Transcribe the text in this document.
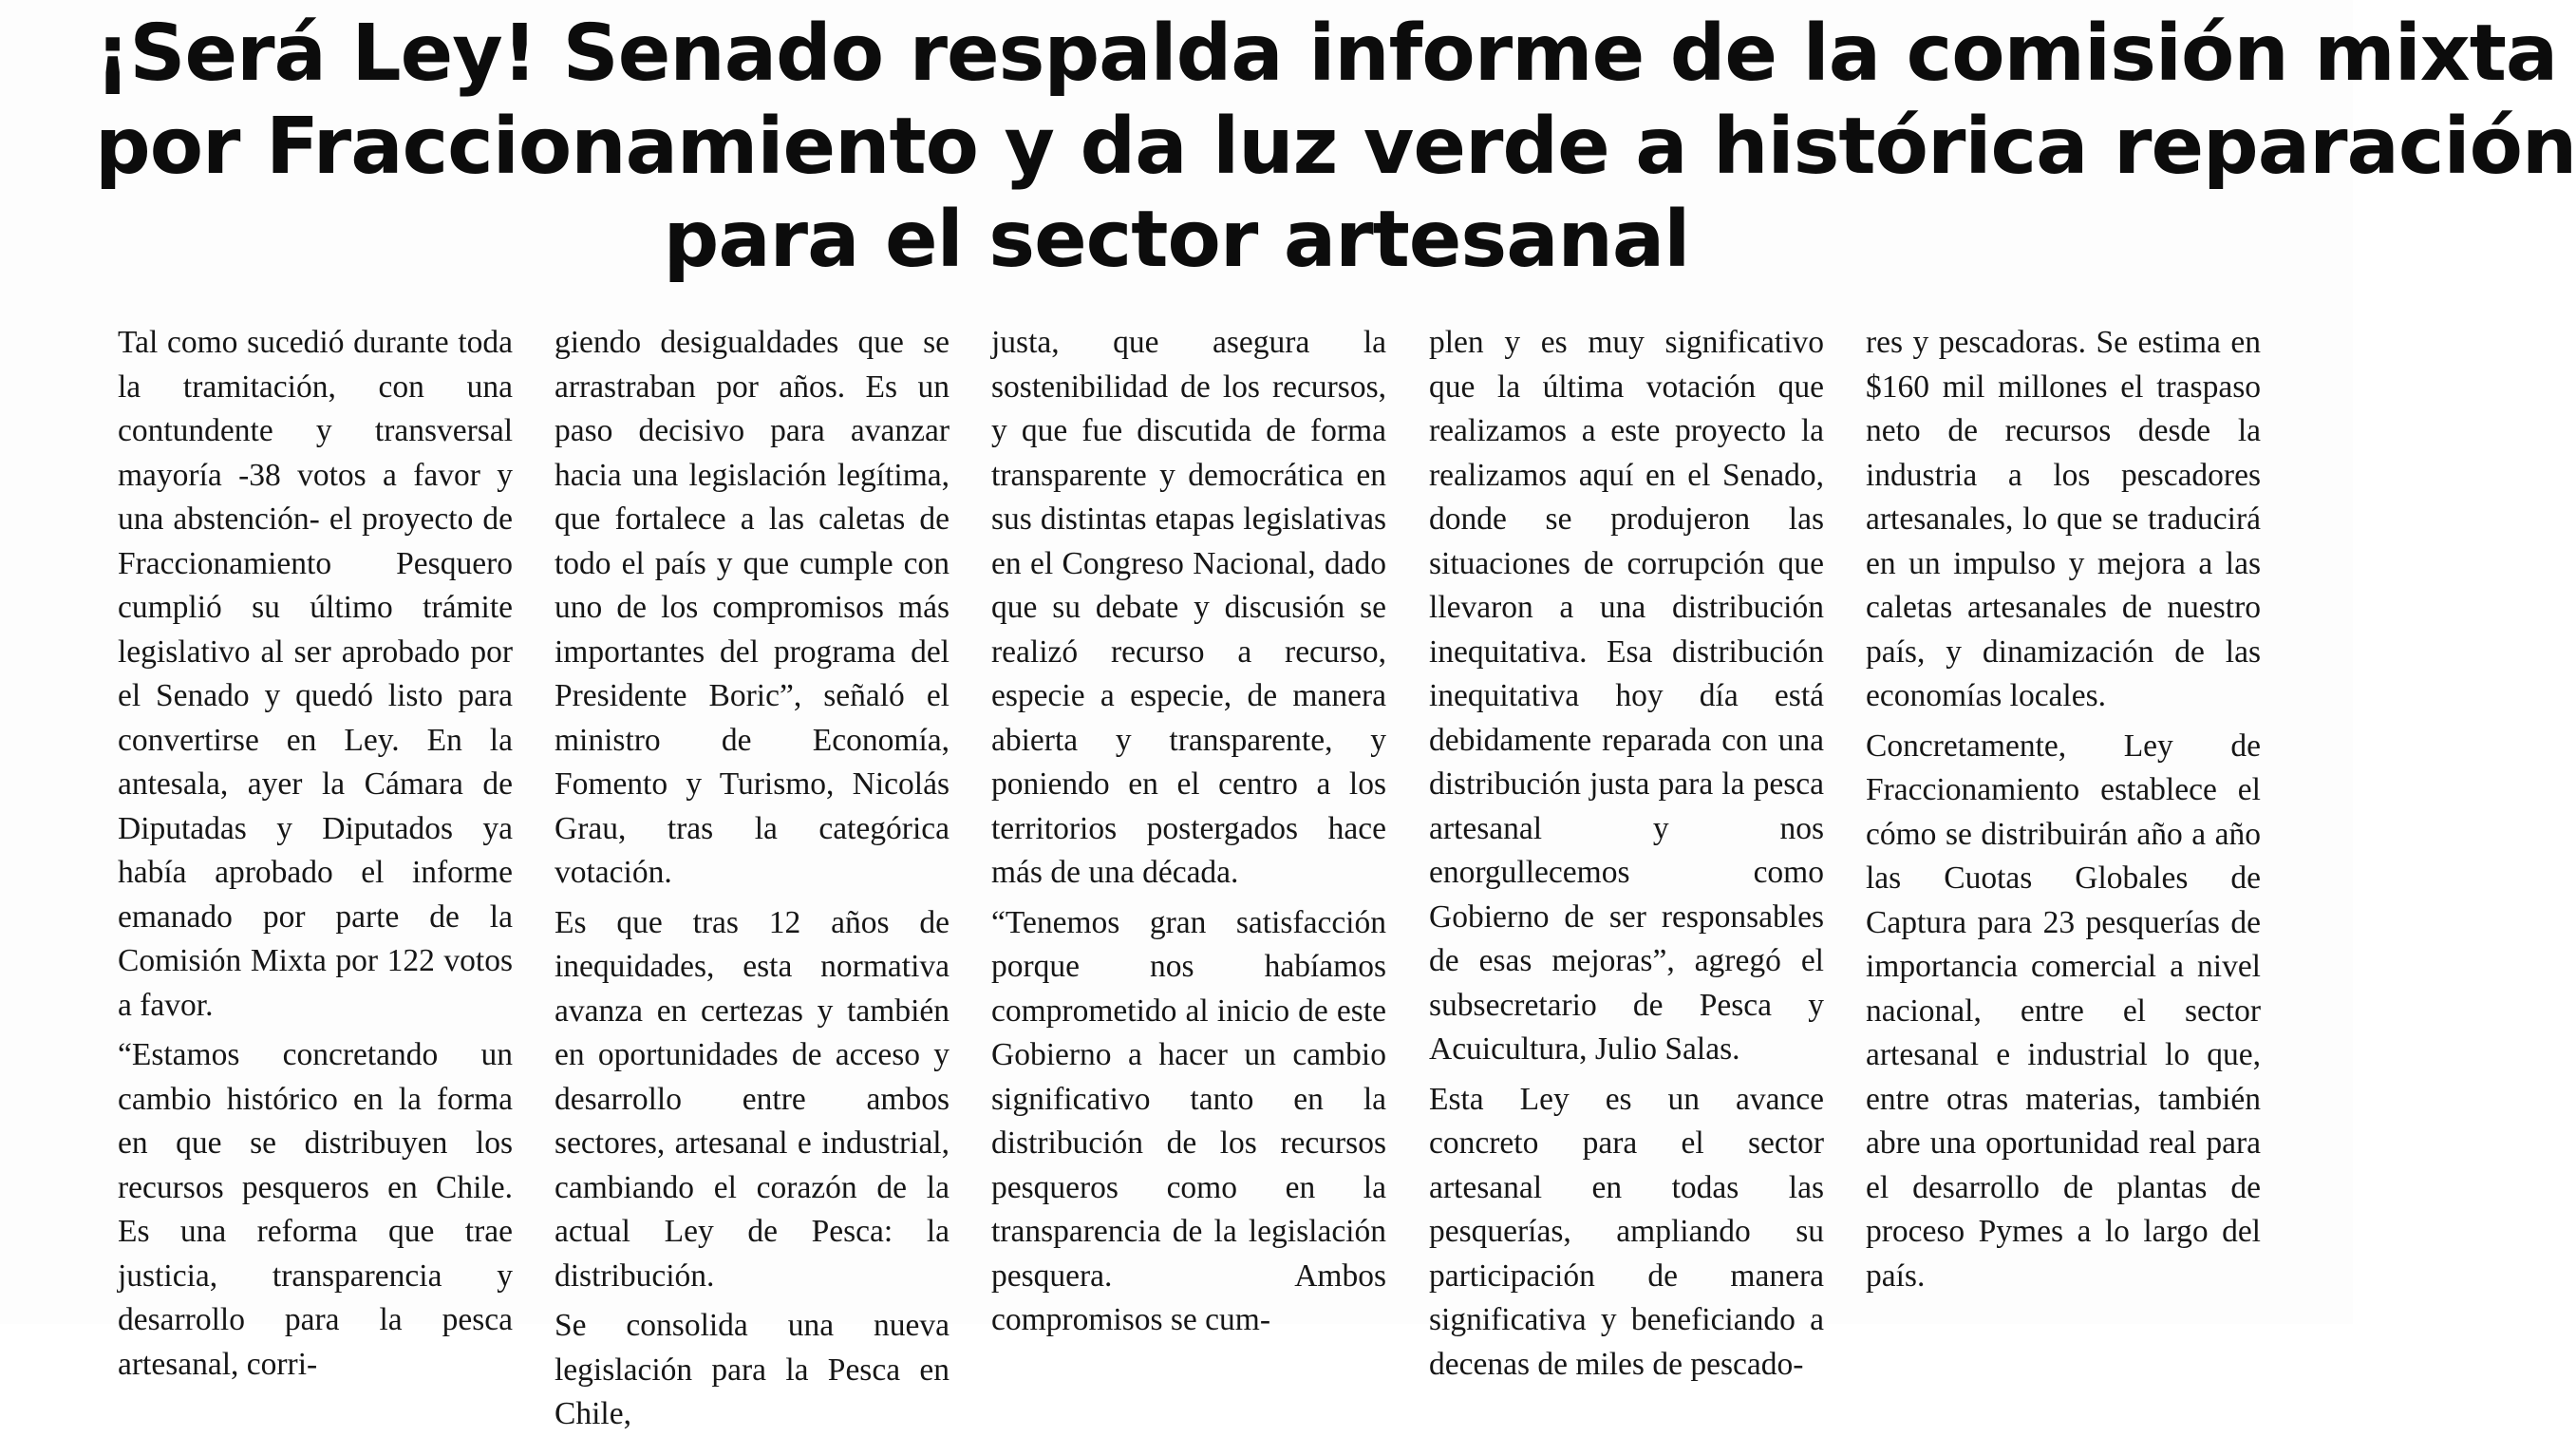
¡Será Ley! Senado respalda informe de la comisión mixta
por Fraccionamiento y da luz verde a histórica reparación
para el sector artesanal

Tal como sucedió durante toda la tramitación, con una contundente y transversal mayoría -38 votos a favor y una abstención- el proyecto de Fraccionamiento Pesquero cumplió su último trámite legislativo al ser aprobado por el Senado y quedó listo para convertirse en Ley. En la antesala, ayer la Cámara de Diputadas y Diputados ya había aprobado el informe emanado por parte de la Comisión Mixta por 122 votos a favor.

“Estamos concretando un cambio histórico en la forma en que se distribuyen los recursos pesqueros en Chile. Es una reforma que trae justicia, transparencia y desarrollo para la pesca artesanal, corri-

giendo desigualdades que se arrastraban por años. Es un paso decisivo para avanzar hacia una legislación legítima, que fortalece a las caletas de todo el país y que cumple con uno de los compromisos más importantes del programa del Presidente Boric”, señaló el ministro de Economía, Fomento y Turismo, Nicolás Grau, tras la categórica votación.

Es que tras 12 años de inequidades, esta normativa avanza en certezas y también en oportunidades de acceso y desarrollo entre ambos sectores, artesanal e industrial, cambiando el corazón de la actual Ley de Pesca: la distribución.

Se consolida una nueva legislación para la Pesca en Chile,

justa, que asegura la sostenibilidad de los recursos, y que fue discutida de forma transparente y democrática en sus distintas etapas legislativas en el Congreso Nacional, dado que su debate y discusión se realizó recurso a recurso, especie a especie, de manera abierta y transparente, y poniendo en el centro a los territorios postergados hace más de una década.

“Tenemos gran satisfacción porque nos habíamos comprometido al inicio de este Gobierno a hacer un cambio significativo tanto en la distribución de los recursos pesqueros como en la transparencia de la legislación pesquera. Ambos compromisos se cum-

plen y es muy significativo que la última votación que realizamos a este proyecto la realizamos aquí en el Senado, donde se produjeron las situaciones de corrupción que llevaron a una distribución inequitativa. Esa distribución inequitativa hoy día está debidamente reparada con una distribución justa para la pesca artesanal y nos enorgullecemos como Gobierno de ser responsables de esas mejoras”, agregó el subsecretario de Pesca y Acuicultura, Julio Salas.

Esta Ley es un avance concreto para el sector artesanal en todas las pesquerías, ampliando su participación de manera significativa y beneficiando a decenas de miles de pescado-

res y pescadoras. Se estima en $160 mil millones el traspaso neto de recursos desde la industria a los pescadores artesanales, lo que se traducirá en un impulso y mejora a las caletas artesanales de nuestro país, y dinamización de las economías locales.

Concretamente, Ley de Fraccionamiento establece el cómo se distribuirán año a año las Cuotas Globales de Captura para 23 pesquerías de importancia comercial a nivel nacional, entre el sector artesanal e industrial lo que, entre otras materias, también abre una oportunidad real para el desarrollo de plantas de proceso Pymes a lo largo del país.
